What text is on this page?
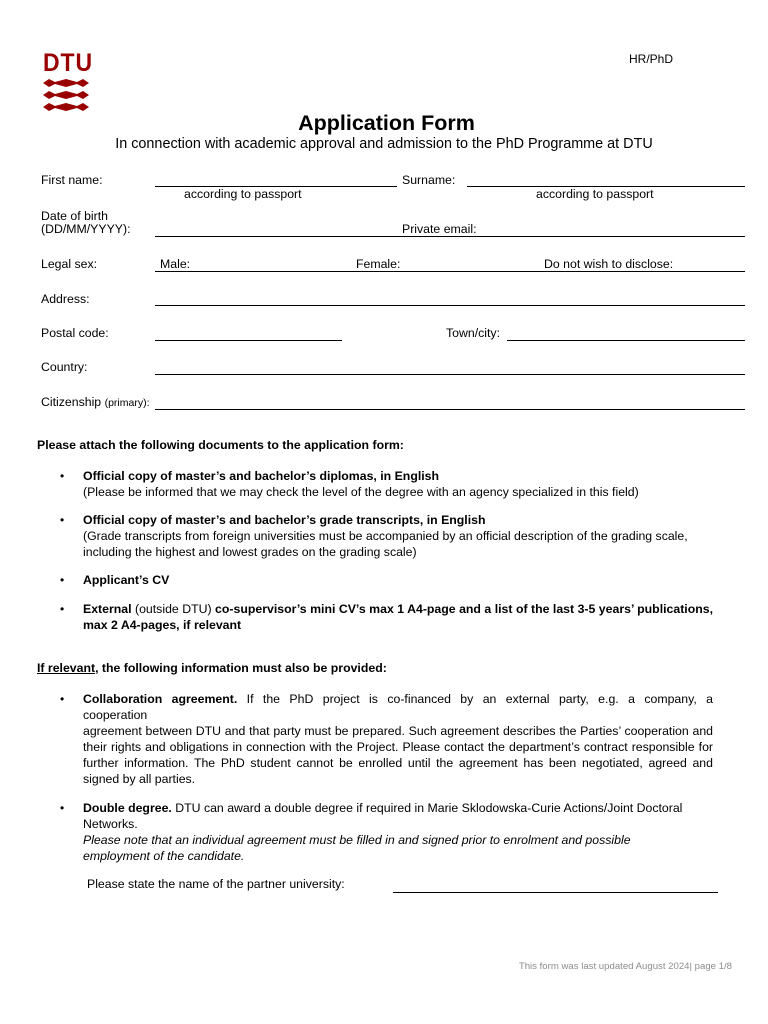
DTU	HR/PhD
Application Form
In connection with academic approval and admission to the PhD Programme at DTU
First name:
according to passport
Surname:
according to passport
Date of birth
(DD/MM/YYYY):	Private email:
Legal sex:	Male:	Female:	Do not wish to disclose:
Address:
Postal code:	Town/city:
Country:
Citizenship (primary):
Please attach the following documents to the application form:
• Official copy of master’s and bachelor’s diplomas, in English
(Please be informed that we may check the level of the degree with an agency specialized in this field)
• Official copy of master’s and bachelor’s grade transcripts, in English
(Grade transcripts from foreign universities must be accompanied by an official description of the grading scale,
including the highest and lowest grades on the grading scale)
• Applicant’s CV
• External (outside DTU) co-supervisor’s mini CV’s max 1 A4-page and a list of the last 3-5 years’ publications, max 2 A4-pages, if relevant
If relevant, the following information must also be provided:
• Collaboration agreement. If the PhD project is co-financed by an external party, e.g. a company, a
cooperation
agreement between DTU and that party must be prepared. Such agreement describes the Parties’ cooperation and their rights and obligations in connection with the Project. Please contact the department’s contract responsible for further information. The PhD student cannot be enrolled until the agreement has been negotiated, agreed and signed by all parties.
• Double degree. DTU can award a double degree if required in Marie Sklodowska-Curie Actions/Joint Doctoral Networks.
Please note that an individual agreement must be filled in and signed prior to enrolment and possible employment of the candidate.
Please state the name of the partner university:
This form was last updated August 2024| page 1/8
